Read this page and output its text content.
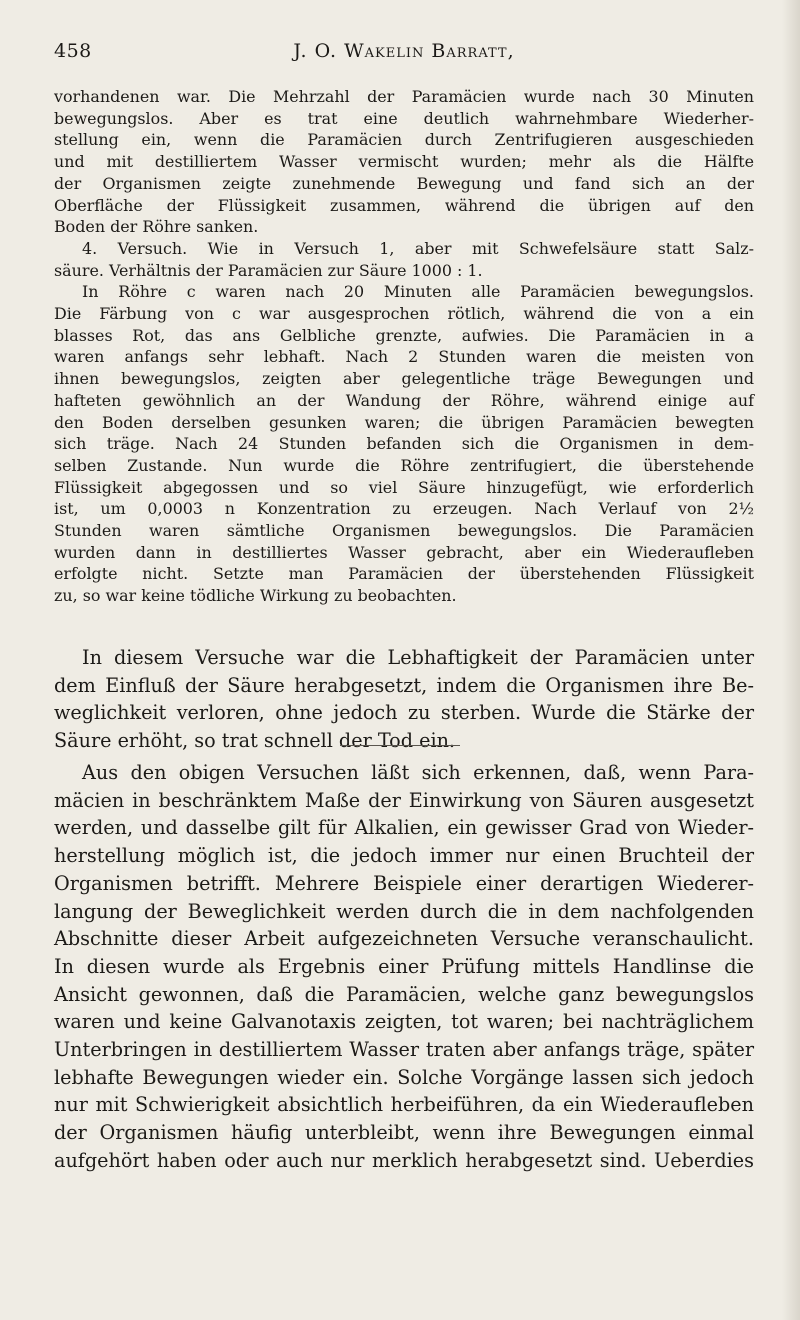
458	J. O. Wakelin Barratt,
vorhandenen war. Die Mehrzahl der Paramäcien wurde nach 30 Minuten
bewegungslos. Aber es trat eine deutlich wahrnehmbare Wiederher-
stellung ein, wenn die Paramäcien durch Zentrifugieren ausgeschieden
und mit destilliertem Wasser vermischt wurden; mehr als die Hälfte
der Organismen zeigte zunehmende Bewegung und fand sich an der
Oberfläche der Flüssigkeit zusammen, während die übrigen auf den
Boden der Röhre sanken.
4. Versuch. Wie in Versuch 1, aber mit Schwefelsäure statt Salz-
säure. Verhältnis der Paramäcien zur Säure 1000 : 1.
In Röhre c waren nach 20 Minuten alle Paramäcien bewegungslos.
Die Färbung von c war ausgesprochen rötlich, während die von a ein
blasses Rot, das ans Gelbliche grenzte, aufwies. Die Paramäcien in a
waren anfangs sehr lebhaft. Nach 2 Stunden waren die meisten von
ihnen bewegungslos, zeigten aber gelegentliche träge Bewegungen und
hafteten gewöhnlich an der Wandung der Röhre, während einige auf
den Boden derselben gesunken waren; die übrigen Paramäcien bewegten
sich träge. Nach 24 Stunden befanden sich die Organismen in dem-
selben Zustande. Nun wurde die Röhre zentrifugiert, die überstehende
Flüssigkeit abgegossen und so viel Säure hinzugefügt, wie erforderlich
ist, um 0,0003 n Konzentration zu erzeugen. Nach Verlauf von 2½
Stunden waren sämtliche Organismen bewegungslos. Die Paramäcien
wurden dann in destilliertes Wasser gebracht, aber ein Wiederaufleben
erfolgte nicht. Setzte man Paramäcien der überstehenden Flüssigkeit
zu, so war keine tödliche Wirkung zu beobachten.
In diesem Versuche war die Lebhaftigkeit der Paramäcien unter
dem Einfluß der Säure herabgesetzt, indem die Organismen ihre Be-
weglichkeit verloren, ohne jedoch zu sterben. Wurde die Stärke der
Säure erhöht, so trat schnell der Tod ein.
Aus den obigen Versuchen läßt sich erkennen, daß, wenn Para-
mäcien in beschränktem Maße der Einwirkung von Säuren ausgesetzt
werden, und dasselbe gilt für Alkalien, ein gewisser Grad von Wieder-
herstellung möglich ist, die jedoch immer nur einen Bruchteil der
Organismen betrifft. Mehrere Beispiele einer derartigen Wiederer-
langung der Beweglichkeit werden durch die in dem nachfolgenden
Abschnitte dieser Arbeit aufgezeichneten Versuche veranschaulicht.
In diesen wurde als Ergebnis einer Prüfung mittels Handlinse die
Ansicht gewonnen, daß die Paramäcien, welche ganz bewegungslos
waren und keine Galvanotaxis zeigten, tot waren; bei nachträglichem
Unterbringen in destilliertem Wasser traten aber anfangs träge, später
lebhafte Bewegungen wieder ein. Solche Vorgänge lassen sich jedoch
nur mit Schwierigkeit absichtlich herbeiführen, da ein Wiederaufleben
der Organismen häufig unterbleibt, wenn ihre Bewegungen einmal
aufgehört haben oder auch nur merklich herabgesetzt sind. Ueberdies
